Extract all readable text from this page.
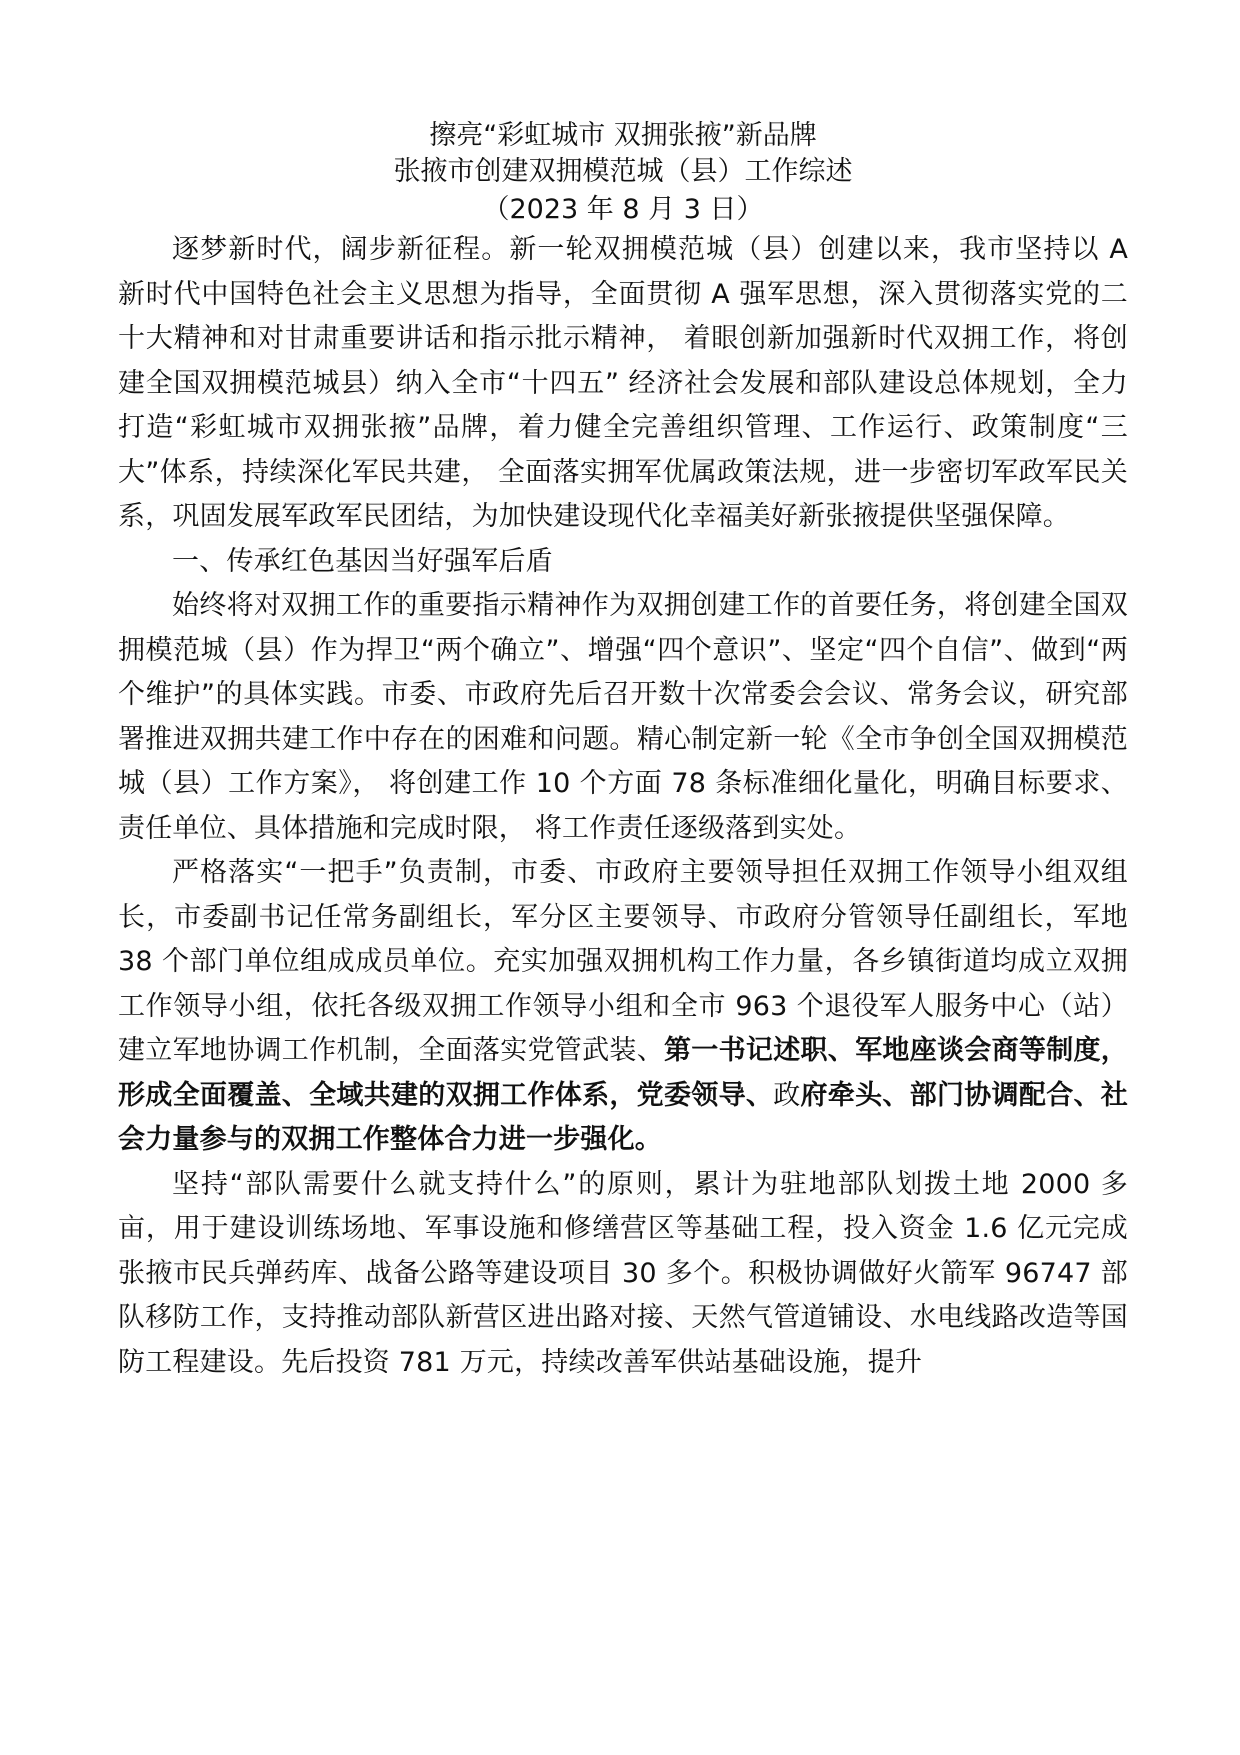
擦亮“彩虹城市 双拥张掖”新品牌
张掖市创建双拥模范城（县）工作综述

（2023 年 8 月 3 日）

逐梦新时代，阔步新征程。新一轮双拥模范城（县）创建以来，我市坚持以 A 新时代中国特色社会主义思想为指导，全面贯彻 A 强军思想，深入贯彻落实党的二十大精神和对甘肃重要讲话和指示批示精神， 着眼创新加强新时代双拥工作，将创建全国双拥模范城县）纳入全市“十四五” 经济社会发展和部队建设总体规划，全力打造“彩虹城市双拥张掖”品牌，着力健全完善组织管理、工作运行、政策制度“三大”体系，持续深化军民共建， 全面落实拥军优属政策法规，进一步密切军政军民关系，巩固发展军政军民团结，为加快建设现代化幸福美好新张掖提供坚强保障。

一、传承红色基因当好强军后盾

始终将对双拥工作的重要指示精神作为双拥创建工作的首要任务，将创建全国双拥模范城（县）作为捍卫“两个确立”、增强“四个意识”、坚定“四个自信”、做到“两个维护”的具体实践。市委、市政府先后召开数十次常委会会议、常务会议，研究部署推进双拥共建工作中存在的困难和问题。精心制定新一轮《全市争创全国双拥模范城（县）工作方案》， 将创建工作 10 个方面 78 条标准细化量化，明确目标要求、责任单位、具体措施和完成时限， 将工作责任逐级落到实处。

严格落实“一把手”负责制，市委、市政府主要领导担任双拥工作领导小组双组长，市委副书记任常务副组长，军分区主要领导、市政府分管领导任副组长，军地 38 个部门单位组成成员单位。充实加强双拥机构工作力量，各乡镇街道均成立双拥工作领导小组，依托各级双拥工作领导小组和全市 963 个退役军人服务中心（站）建立军地协调工作机制，全面落实党管武装、第一书记述职、军地座谈会商等制度，形成全面覆盖、全域共建的双拥工作体系，党委领导、政府牵头、部门协调配合、社会力量参与的双拥工作整体合力进一步强化。

坚持“部队需要什么就支持什么”的原则，累计为驻地部队划拨土地 2000 多亩，用于建设训练场地、军事设施和修缮营区等基础工程，投入资金 1.6 亿元完成张掖市民兵弹药库、战备公路等建设项目 30 多个。积极协调做好火箭军 96747 部队移防工作，支持推动部队新营区进出路对接、天然气管道铺设、水电线路改造等国防工程建设。先后投资 781 万元，持续改善军供站基础设施，提升
